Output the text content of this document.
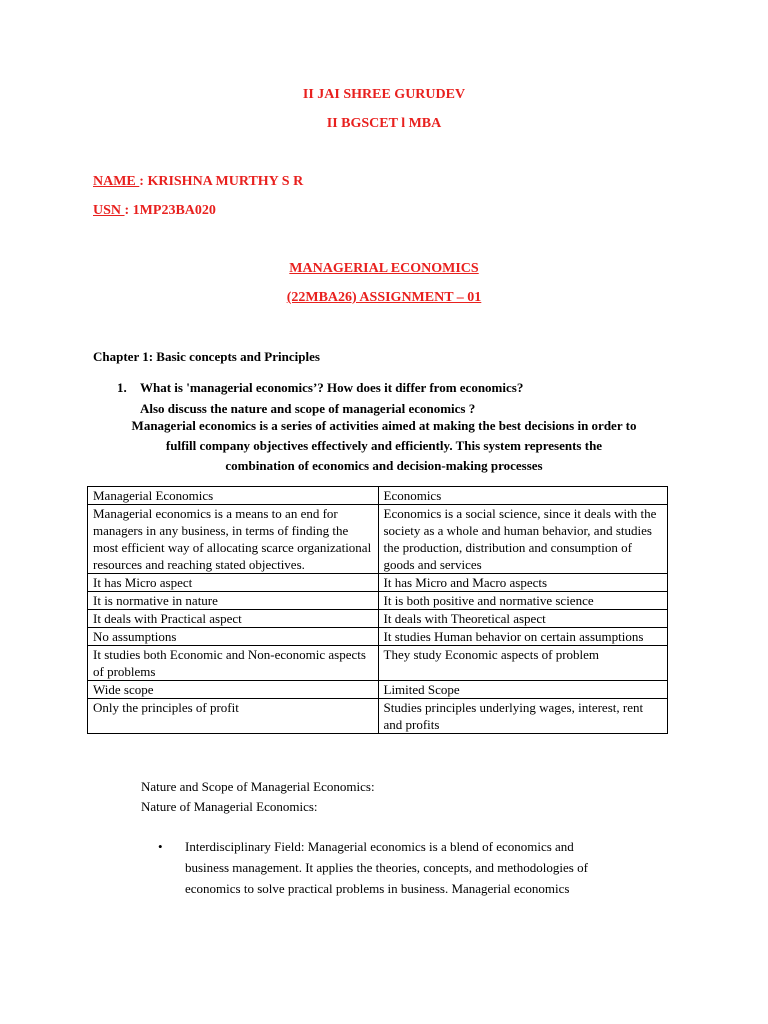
II JAI SHREE GURUDEV
II BGSCET l MBA
NAME : KRISHNA MURTHY S R
USN : 1MP23BA020
MANAGERIAL ECONOMICS
(22MBA26) ASSIGNMENT – 01
Chapter 1: Basic concepts and Principles
1. What is 'managerial economics’? How does it differ from economics?
Also discuss the nature and scope of managerial economics ?
Managerial economics is a series of activities aimed at making the best decisions in order to
fulfill company objectives effectively and efficiently. This system represents the
combination of economics and decision-making processes
Managerial Economics	Economics
Managerial economics is a means to an end for managers in any business, in terms of finding the most efficient way of allocating scarce organizational resources and reaching stated objectives.	Economics is a social science, since it deals with the society as a whole and human behavior, and studies the production, distribution and consumption of goods and services
It has Micro aspect	It has Micro and Macro aspects
It is normative in nature	It is both positive and normative science
It deals with Practical aspect	It deals with Theoretical aspect
No assumptions	It studies Human behavior on certain assumptions
It studies both Economic and Non-economic aspects of problems	They study Economic aspects of problem
Wide scope	Limited Scope
Only the principles of profit	Studies principles underlying wages, interest, rent and profits
Nature and Scope of Managerial Economics:
Nature of Managerial Economics:
• Interdisciplinary Field: Managerial economics is a blend of economics and
business management. It applies the theories, concepts, and methodologies of
economics to solve practical problems in business. Managerial economics
